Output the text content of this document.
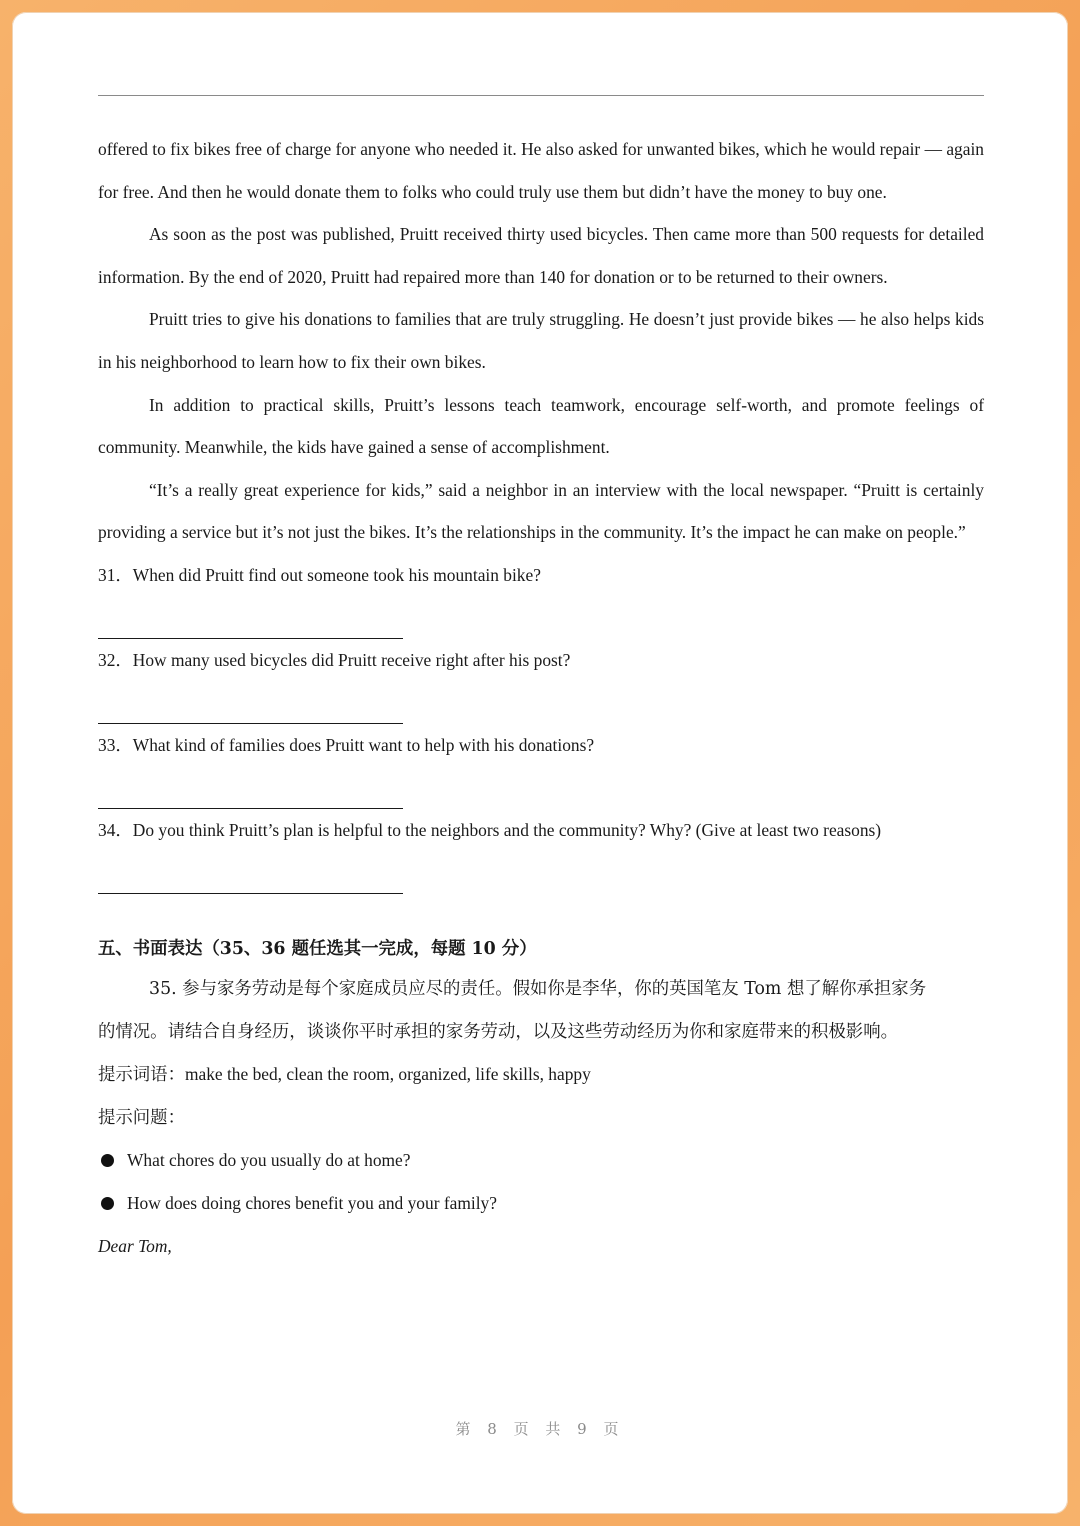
offered to fix bikes free of charge for anyone who needed it. He also asked for unwanted bikes, which he would repair — again for free. And then he would donate them to folks who could truly use them but didn’t have the money to buy one.

As soon as the post was published, Pruitt received thirty used bicycles. Then came more than 500 requests for detailed information. By the end of 2020, Pruitt had repaired more than 140 for donation or to be returned to their owners.

Pruitt tries to give his donations to families that are truly struggling. He doesn’t just provide bikes — he also helps kids in his neighborhood to learn how to fix their own bikes.

In addition to practical skills, Pruitt’s lessons teach teamwork, encourage self-worth, and promote feelings of community. Meanwhile, the kids have gained a sense of accomplishment.

“It’s a really great experience for kids,” said a neighbor in an interview with the local newspaper. “Pruitt is certainly providing a service but it’s not just the bikes. It’s the relationships in the community. It’s the impact he can make on people.”

31．When did Pruitt find out someone took his mountain bike?

32．How many used bicycles did Pruitt receive right after his post?

33．What kind of families does Pruitt want to help with his donations?

34．Do you think Pruitt’s plan is helpful to the neighbors and the community? Why? (Give at least two reasons)

五、书面表达（35、36 题任选其一完成，每题 10 分）

35. 参与家务劳动是每个家庭成员应尽的责任。假如你是李华，你的英国笔友 Tom 想了解你承担家务

的情况。请结合自身经历，谈谈你平时承担的家务劳动，以及这些劳动经历为你和家庭带来的积极影响。

提示词语：make the bed, clean the room, organized, life skills, happy

提示问题：

What chores do you usually do at home?

How does doing chores benefit you and your family?

Dear Tom,

第 8 页 共 9 页
